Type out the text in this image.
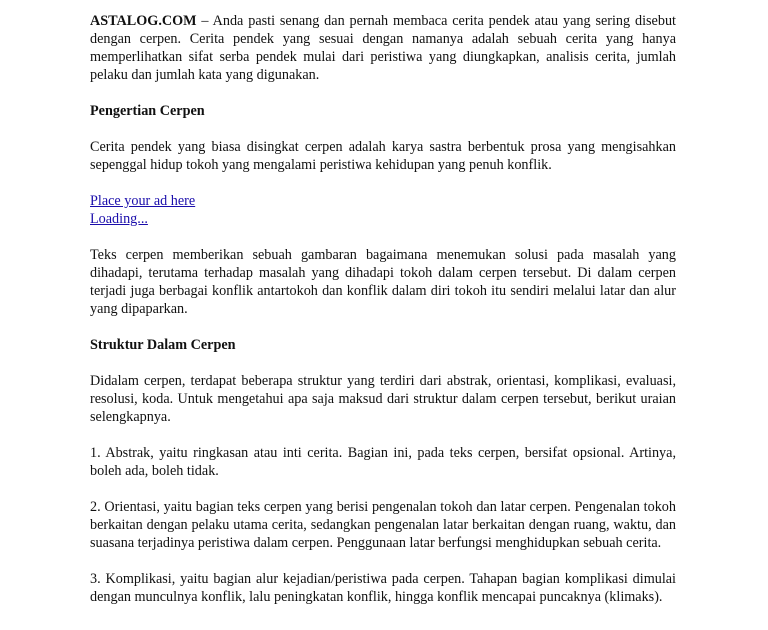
ASTALOG.COM – Anda pasti senang dan pernah membaca cerita pendek atau yang sering disebut dengan cerpen. Cerita pendek yang sesuai dengan namanya adalah sebuah cerita yang hanya memperlihatkan sifat serba pendek mulai dari peristiwa yang diungkapkan, analisis cerita, jumlah pelaku dan jumlah kata yang digunakan.

Pengertian Cerpen

Cerita pendek yang biasa disingkat cerpen adalah karya sastra berbentuk prosa yang mengisahkan sepenggal hidup tokoh yang mengalami peristiwa kehidupan yang penuh konflik.

Place your ad here
Loading...

Teks cerpen memberikan sebuah gambaran bagaimana menemukan solusi pada masalah yang dihadapi, terutama terhadap masalah yang dihadapi tokoh dalam cerpen tersebut. Di dalam cerpen terjadi juga berbagai konflik antartokoh dan konflik dalam diri tokoh itu sendiri melalui latar dan alur yang dipaparkan.

Struktur Dalam Cerpen

Didalam cerpen, terdapat beberapa struktur yang terdiri dari abstrak, orientasi, komplikasi, evaluasi, resolusi, koda. Untuk mengetahui apa saja maksud dari struktur dalam cerpen tersebut, berikut uraian selengkapnya.

1. Abstrak, yaitu ringkasan atau inti cerita. Bagian ini, pada teks cerpen, bersifat opsional. Artinya, boleh ada, boleh tidak.

2. Orientasi, yaitu bagian teks cerpen yang berisi pengenalan tokoh dan latar cerpen. Pengenalan tokoh berkaitan dengan pelaku utama cerita, sedangkan pengenalan latar berkaitan dengan ruang, waktu, dan suasana terjadinya peristiwa dalam cerpen. Penggunaan latar berfungsi menghidupkan sebuah cerita.

3. Komplikasi, yaitu bagian alur kejadian/peristiwa pada cerpen. Tahapan bagian komplikasi dimulai dengan munculnya konflik, lalu peningkatan konflik, hingga konflik mencapai puncaknya (klimaks).
